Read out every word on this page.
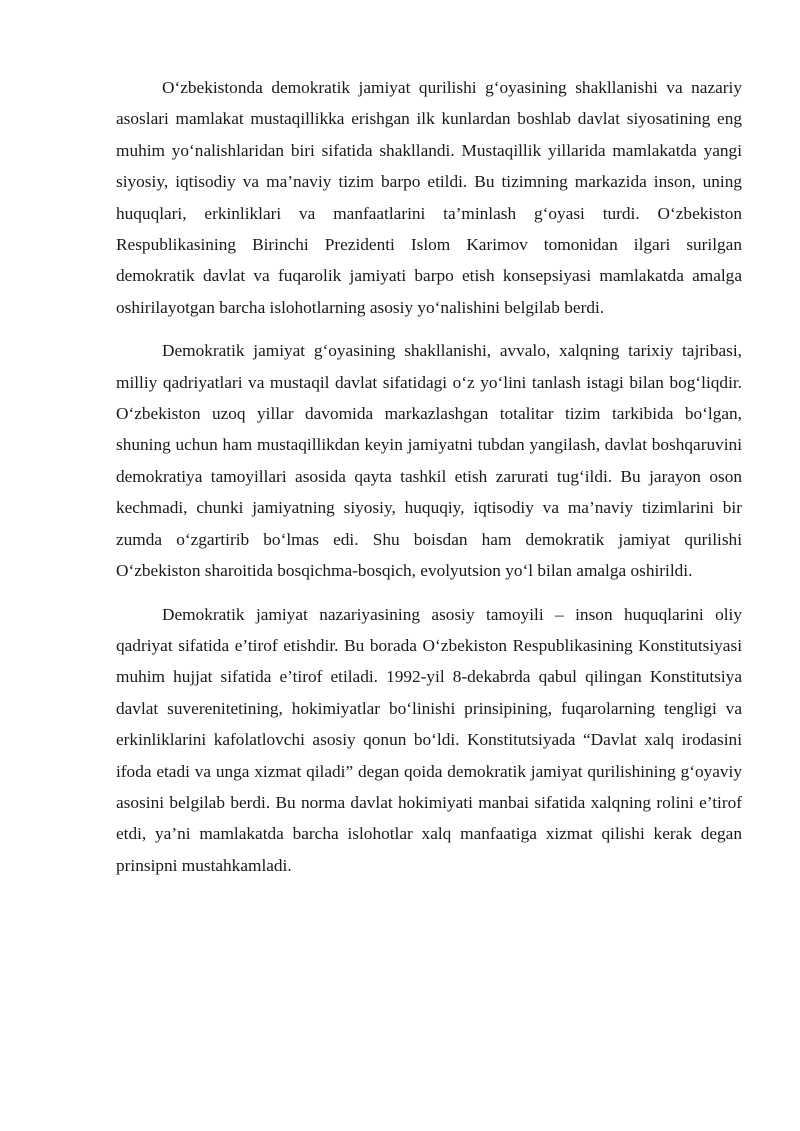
O‘zbekistonda demokratik jamiyat qurilishi g‘oyasining shakllanishi va nazariy asoslari mamlakat mustaqillikka erishgan ilk kunlardan boshlab davlat siyosatining eng muhim yo‘nalishlaridan biri sifatida shakllandi. Mustaqillik yillarida mamlakatda yangi siyosiy, iqtisodiy va ma’naviy tizim barpo etildi. Bu tizimning markazida inson, uning huquqlari, erkinliklari va manfaatlarini ta’minlash g‘oyasi turdi. O‘zbekiston Respublikasining Birinchi Prezidenti Islom Karimov tomonidan ilgari surilgan demokratik davlat va fuqarolik jamiyati barpo etish konsepsiyasi mamlakatda amalga oshirilayotgan barcha islohotlarning asosiy yo‘nalishini belgilab berdi.

Demokratik jamiyat g‘oyasining shakllanishi, avvalo, xalqning tarixiy tajribasi, milliy qadriyatlari va mustaqil davlat sifatidagi o‘z yo‘lini tanlash istagi bilan bog‘liqdir. O‘zbekiston uzoq yillar davomida markazlashgan totalitar tizim tarkibida bo‘lgan, shuning uchun ham mustaqillikdan keyin jamiyatni tubdan yangilash, davlat boshqaruvini demokratiya tamoyillari asosida qayta tashkil etish zarurati tug‘ildi. Bu jarayon oson kechmadi, chunki jamiyatning siyosiy, huquqiy, iqtisodiy va ma’naviy tizimlarini bir zumda o‘zgartirib bo‘lmas edi. Shu boisdan ham demokratik jamiyat qurilishi O‘zbekiston sharoitida bosqichma-bosqich, evolyutsion yo‘l bilan amalga oshirildi.

Demokratik jamiyat nazariyasining asosiy tamoyili – inson huquqlarini oliy qadriyat sifatida e’tirof etishdir. Bu borada O‘zbekiston Respublikasining Konstitutsiyasi muhim hujjat sifatida e’tirof etiladi. 1992-yil 8-dekabrda qabul qilingan Konstitutsiya davlat suverenitetining, hokimiyatlar bo‘linishi prinsipining, fuqarolarning tengligi va erkinliklarini kafolatlovchi asosiy qonun bo‘ldi. Konstitutsiyada “Davlat xalq irodasini ifoda etadi va unga xizmat qiladi” degan qoida demokratik jamiyat qurilishining g‘oyaviy asosini belgilab berdi. Bu norma davlat hokimiyati manbai sifatida xalqning rolini e’tirof etdi, ya’ni mamlakatda barcha islohotlar xalq manfaatiga xizmat qilishi kerak degan prinsipni mustahkamladi.
